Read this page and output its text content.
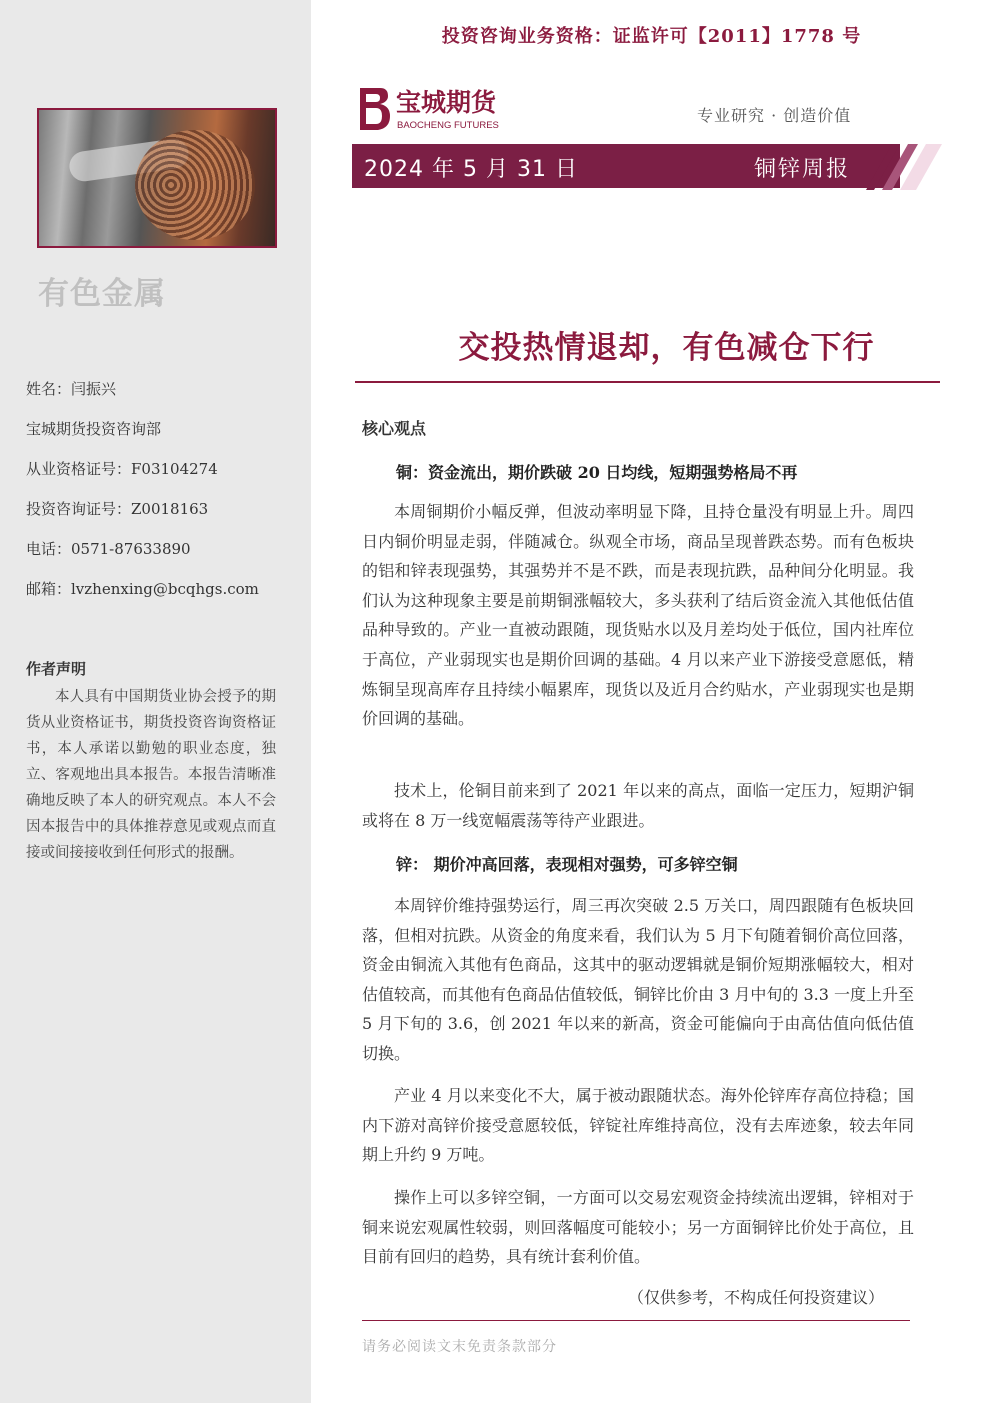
有色金属
姓名：闫振兴
宝城期货投资咨询部
从业资格证号：F03104274
投资咨询证号：Z0018163
电话：0571-87633890
邮箱：lvzhenxing@bcqhgs.com
作者声明
本人具有中国期货业协会授予的期货从业资格证书，期货投资咨询资格证书，本人承诺以勤勉的职业态度，独立、客观地出具本报告。本报告清晰准确地反映了本人的研究观点。本人不会因本报告中的具体推荐意见或观点而直接或间接接收到任何形式的报酬。
投资咨询业务资格：证监许可【2011】1778 号
宝城期货
BAOCHENG FUTURES
专业研究 · 创造价值
2024 年 5 月 31 日	铜锌周报
交投热情退却，有色减仓下行
核心观点
铜：资金流出，期价跌破 20 日均线，短期强势格局不再
本周铜期价小幅反弹，但波动率明显下降，且持仓量没有明显上升。周四日内铜价明显走弱，伴随减仓。纵观全市场，商品呈现普跌态势。而有色板块的铝和锌表现强势，其强势并不是不跌，而是表现抗跌，品种间分化明显。我们认为这种现象主要是前期铜涨幅较大，多头获利了结后资金流入其他低估值品种导致的。产业一直被动跟随，现货贴水以及月差均处于低位，国内社库位于高位，产业弱现实也是期价回调的基础。4 月以来产业下游接受意愿低，精炼铜呈现高库存且持续小幅累库，现货以及近月合约贴水，产业弱现实也是期价回调的基础。
技术上，伦铜目前来到了 2021 年以来的高点，面临一定压力，短期沪铜或将在 8 万一线宽幅震荡等待产业跟进。
锌： 期价冲高回落，表现相对强势，可多锌空铜
本周锌价维持强势运行，周三再次突破 2.5 万关口，周四跟随有色板块回落，但相对抗跌。从资金的角度来看，我们认为 5 月下旬随着铜价高位回落，资金由铜流入其他有色商品，这其中的驱动逻辑就是铜价短期涨幅较大，相对估值较高，而其他有色商品估值较低，铜锌比价由 3 月中旬的 3.3 一度上升至 5 月下旬的 3.6，创 2021 年以来的新高，资金可能偏向于由高估值向低估值切换。
产业 4 月以来变化不大，属于被动跟随状态。海外伦锌库存高位持稳；国内下游对高锌价接受意愿较低，锌锭社库维持高位，没有去库迹象，较去年同期上升约 9 万吨。
操作上可以多锌空铜，一方面可以交易宏观资金持续流出逻辑，锌相对于铜来说宏观属性较弱，则回落幅度可能较小；另一方面铜锌比价处于高位，且目前有回归的趋势，具有统计套利价值。
（仅供参考，不构成任何投资建议）
请务必阅读文末免责条款部分
